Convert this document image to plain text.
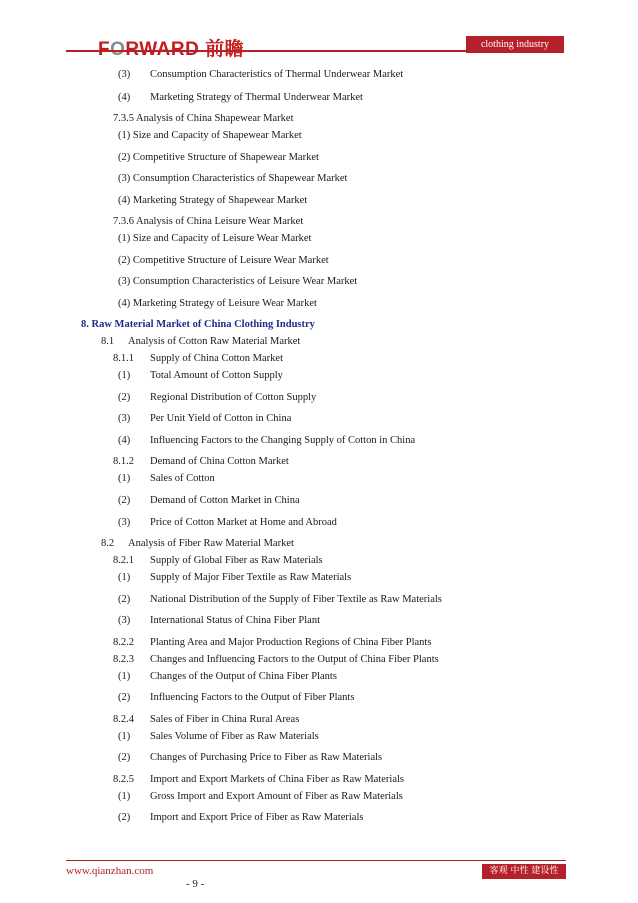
FORWARD 前瞻	clothing industry
(3) Consumption Characteristics of Thermal Underwear Market
(4) Marketing Strategy of Thermal Underwear Market
7.3.5 Analysis of China Shapewear Market
(1) Size and Capacity of Shapewear Market
(2) Competitive Structure of Shapewear Market
(3) Consumption Characteristics of Shapewear Market
(4) Marketing Strategy of Shapewear Market
7.3.6 Analysis of China Leisure Wear Market
(1) Size and Capacity of Leisure Wear Market
(2) Competitive Structure of Leisure Wear Market
(3) Consumption Characteristics of Leisure Wear Market
(4) Marketing Strategy of Leisure Wear Market
8. Raw Material Market of China Clothing Industry
8.1 Analysis of Cotton Raw Material Market
8.1.1 Supply of China Cotton Market
(1) Total Amount of Cotton Supply
(2) Regional Distribution of Cotton Supply
(3) Per Unit Yield of Cotton in China
(4) Influencing Factors to the Changing Supply of Cotton in China
8.1.2 Demand of China Cotton Market
(1) Sales of Cotton
(2) Demand of Cotton Market in China
(3) Price of Cotton Market at Home and Abroad
8.2 Analysis of Fiber Raw Material Market
8.2.1 Supply of Global Fiber as Raw Materials
(1) Supply of Major Fiber Textile as Raw Materials
(2) National Distribution of the Supply of Fiber Textile as Raw Materials
(3) International Status of China Fiber Plant
8.2.2 Planting Area and Major Production Regions of China Fiber Plants
8.2.3 Changes and Influencing Factors to the Output of China Fiber Plants
(1) Changes of the Output of China Fiber Plants
(2) Influencing Factors to the Output of Fiber Plants
8.2.4 Sales of Fiber in China Rural Areas
(1) Sales Volume of Fiber as Raw Materials
(2) Changes of Purchasing Price to Fiber as Raw Materials
8.2.5 Import and Export Markets of China Fiber as Raw Materials
(1) Gross Import and Export Amount of Fiber as Raw Materials
(2) Import and Export Price of Fiber as Raw Materials
www.qianzhan.com	客观 中性 建设性
- 9 -
